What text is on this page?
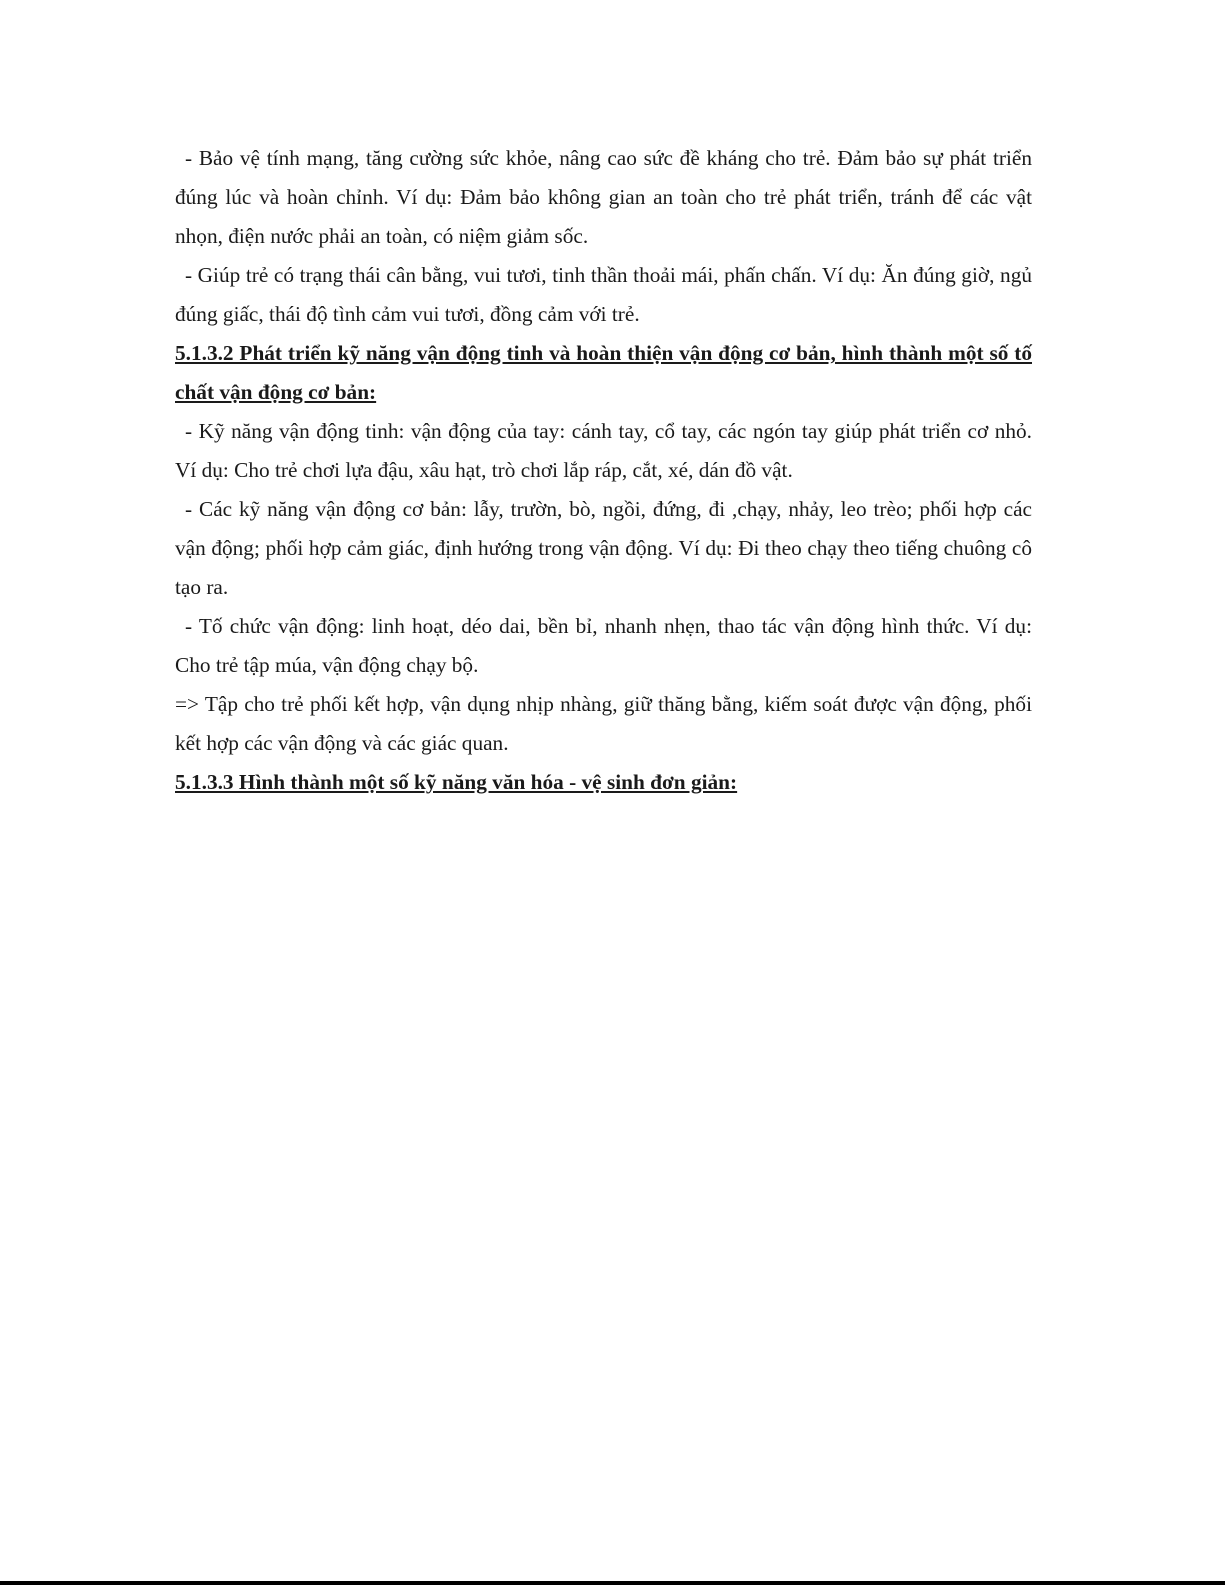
- Bảo vệ tính mạng, tăng cường sức khỏe, nâng cao sức đề kháng cho trẻ. Đảm bảo sự phát triển đúng lúc và hoàn chỉnh. Ví dụ: Đảm bảo không gian an toàn cho trẻ phát triển, tránh để các vật nhọn, điện nước phải an toàn, có niệm giảm sốc.

- Giúp trẻ có trạng thái cân bằng, vui tươi, tinh thần thoải mái, phấn chấn. Ví dụ: Ăn đúng giờ, ngủ đúng giấc, thái độ tình cảm vui tươi, đồng cảm với trẻ.

5.1.3.2 Phát triển kỹ năng vận động tinh và hoàn thiện vận động cơ bản, hình thành một số tố chất vận động cơ bản:

- Kỹ năng vận động tinh: vận động của tay: cánh tay, cổ tay, các ngón tay giúp phát triển cơ nhỏ. Ví dụ: Cho trẻ chơi lựa đậu, xâu hạt, trò chơi lắp ráp, cắt, xé, dán đồ vật.

- Các kỹ năng vận động cơ bản: lẫy, trườn, bò, ngồi, đứng, đi ,chạy, nhảy, leo trèo; phối hợp các vận động; phối hợp cảm giác, định hướng trong vận động. Ví dụ: Đi theo chạy theo tiếng chuông cô tạo ra.

- Tố chức vận động: linh hoạt, déo dai, bền bỉ, nhanh nhẹn, thao tác vận động hình thức. Ví dụ: Cho trẻ tập múa, vận động chạy bộ.

=> Tập cho trẻ phối kết hợp, vận dụng nhịp nhàng, giữ thăng bằng, kiếm soát được vận động, phối kết hợp các vận động và các giác quan.

5.1.3.3 Hình thành một số kỹ năng văn hóa - vệ sinh đơn giản:
